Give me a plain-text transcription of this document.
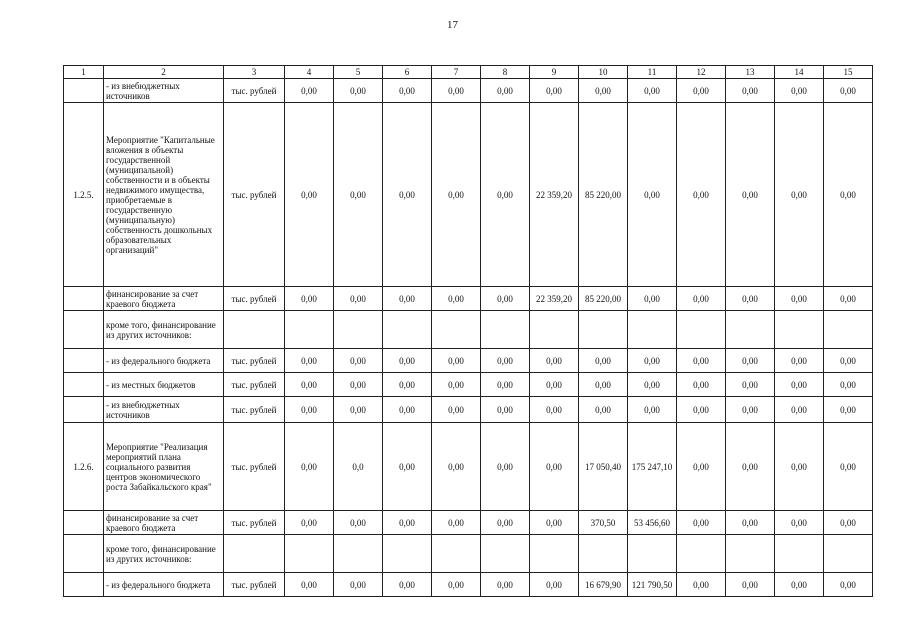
17
1	2	3	4	5	6	7	8	9	10	11	12	13	14	15
	- из внебюджетных источников	тыс. рублей	0,00	0,00	0,00	0,00	0,00	0,00	0,00	0,00	0,00	0,00	0,00	0,00
1.2.5.	Мероприятие "Капитальные вложения в объекты государственной (муниципальной) собственности и в объекты недвижимого имущества, приобретаемые в государственную (муниципальную) собственность дошкольных образовательных организаций"	тыс. рублей	0,00	0,00	0,00	0,00	0,00	22 359,20	85 220,00	0,00	0,00	0,00	0,00	0,00
	финансирование за счет краевого бюджета	тыс. рублей	0,00	0,00	0,00	0,00	0,00	22 359,20	85 220,00	0,00	0,00	0,00	0,00	0,00
	кроме того, финансирование из других источников:													
	- из федерального бюджета	тыс. рублей	0,00	0,00	0,00	0,00	0,00	0,00	0,00	0,00	0,00	0,00	0,00	0,00
	- из местных бюджетов	тыс. рублей	0,00	0,00	0,00	0,00	0,00	0,00	0,00	0,00	0,00	0,00	0,00	0,00
	- из внебюджетных источников	тыс. рублей	0,00	0,00	0,00	0,00	0,00	0,00	0,00	0,00	0,00	0,00	0,00	0,00
1.2.6.	Мероприятие "Реализация мероприятий плана социального развития центров экономического роста Забайкальского края"	тыс. рублей	0,00	0,0	0,00	0,00	0,00	0,00	17 050,40	175 247,10	0,00	0,00	0,00	0,00
	финансирование за счет краевого бюджета	тыс. рублей	0,00	0,00	0,00	0,00	0,00	0,00	370,50	53 456,60	0,00	0,00	0,00	0,00
	кроме того, финансирование из других источников:													
	- из федерального бюджета	тыс. рублей	0,00	0,00	0,00	0,00	0,00	0,00	16 679,90	121 790,50	0,00	0,00	0,00	0,00
